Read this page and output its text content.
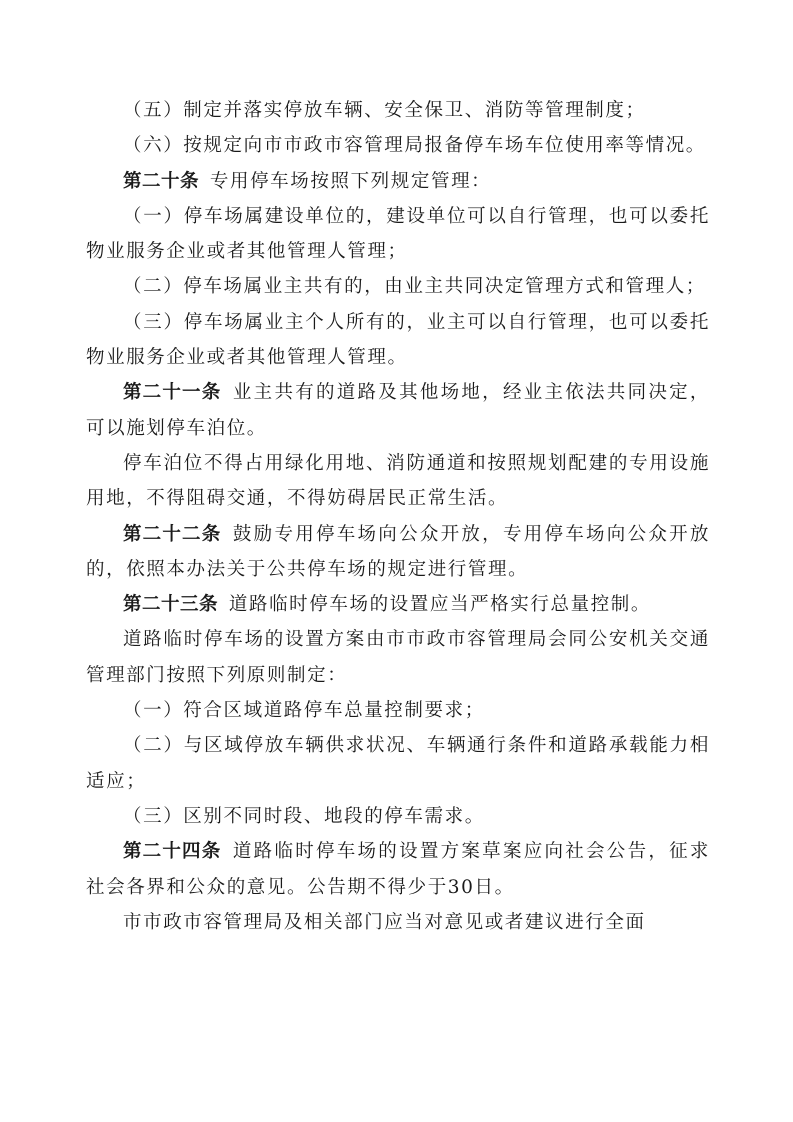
（五）制定并落实停放车辆、安全保卫、消防等管理制度；

（六）按规定向市市政市容管理局报备停车场车位使用率等情况。

第二十条  专用停车场按照下列规定管理：

（一）停车场属建设单位的，建设单位可以自行管理，也可以委托物业服务企业或者其他管理人管理；

（二）停车场属业主共有的，由业主共同决定管理方式和管理人；

（三）停车场属业主个人所有的，业主可以自行管理，也可以委托物业服务企业或者其他管理人管理。

第二十一条  业主共有的道路及其他场地，经业主依法共同决定，可以施划停车泊位。

停车泊位不得占用绿化用地、消防通道和按照规划配建的专用设施用地，不得阻碍交通，不得妨碍居民正常生活。

第二十二条  鼓励专用停车场向公众开放，专用停车场向公众开放的，依照本办法关于公共停车场的规定进行管理。

第二十三条  道路临时停车场的设置应当严格实行总量控制。

道路临时停车场的设置方案由市市政市容管理局会同公安机关交通管理部门按照下列原则制定：

（一）符合区域道路停车总量控制要求；

（二）与区域停放车辆供求状况、车辆通行条件和道路承载能力相适应；

（三）区别不同时段、地段的停车需求。

第二十四条  道路临时停车场的设置方案草案应向社会公告，征求社会各界和公众的意见。公告期不得少于30日。

市市政市容管理局及相关部门应当对意见或者建议进行全面
